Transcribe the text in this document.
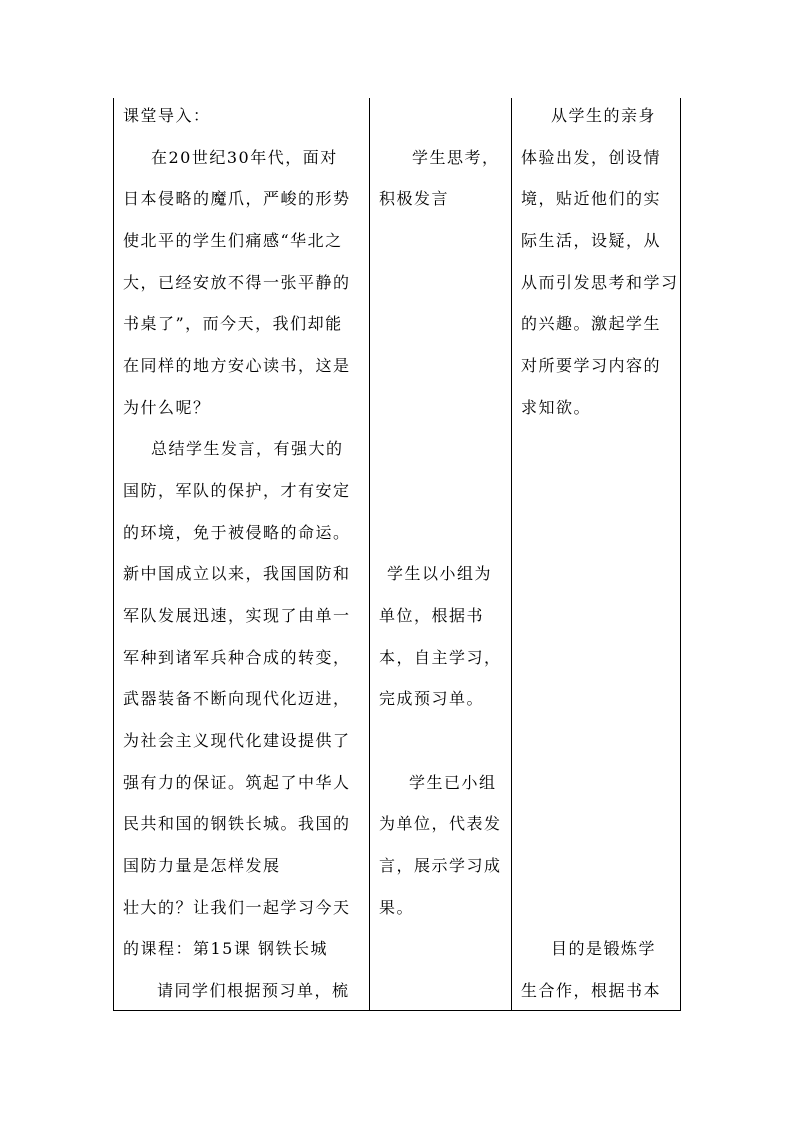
课堂导入：
在20世纪30年代，面对
日本侵略的魔爪，严峻的形势
使北平的学生们痛感“华北之
大，已经安放不得一张平静的
书桌了”，而今天，我们却能
在同样的地方安心读书，这是
为什么呢？
总结学生发言，有强大的
国防，军队的保护，才有安定
的环境，免于被侵略的命运。
新中国成立以来，我国国防和
军队发展迅速，实现了由单一
军种到诸军兵种合成的转变，
武器装备不断向现代化迈进，
为社会主义现代化建设提供了
强有力的保证。筑起了中华人
民共和国的钢铁长城。我国的
国防力量是怎样发展
壮大的？让我们一起学习今天
的课程：第15课 钢铁长城
请同学们根据预习单，梳
学生思考，
积极发言
学生以小组为
单位，根据书
本，自主学习，
完成预习单。
学生已小组
为单位，代表发
言，展示学习成
果。
从学生的亲身
体验出发，创设情
境，贴近他们的实
际生活，设疑，从
从而引发思考和学习
的兴趣。激起学生
对所要学习内容的
求知欲。
目的是锻炼学
生合作，根据书本
